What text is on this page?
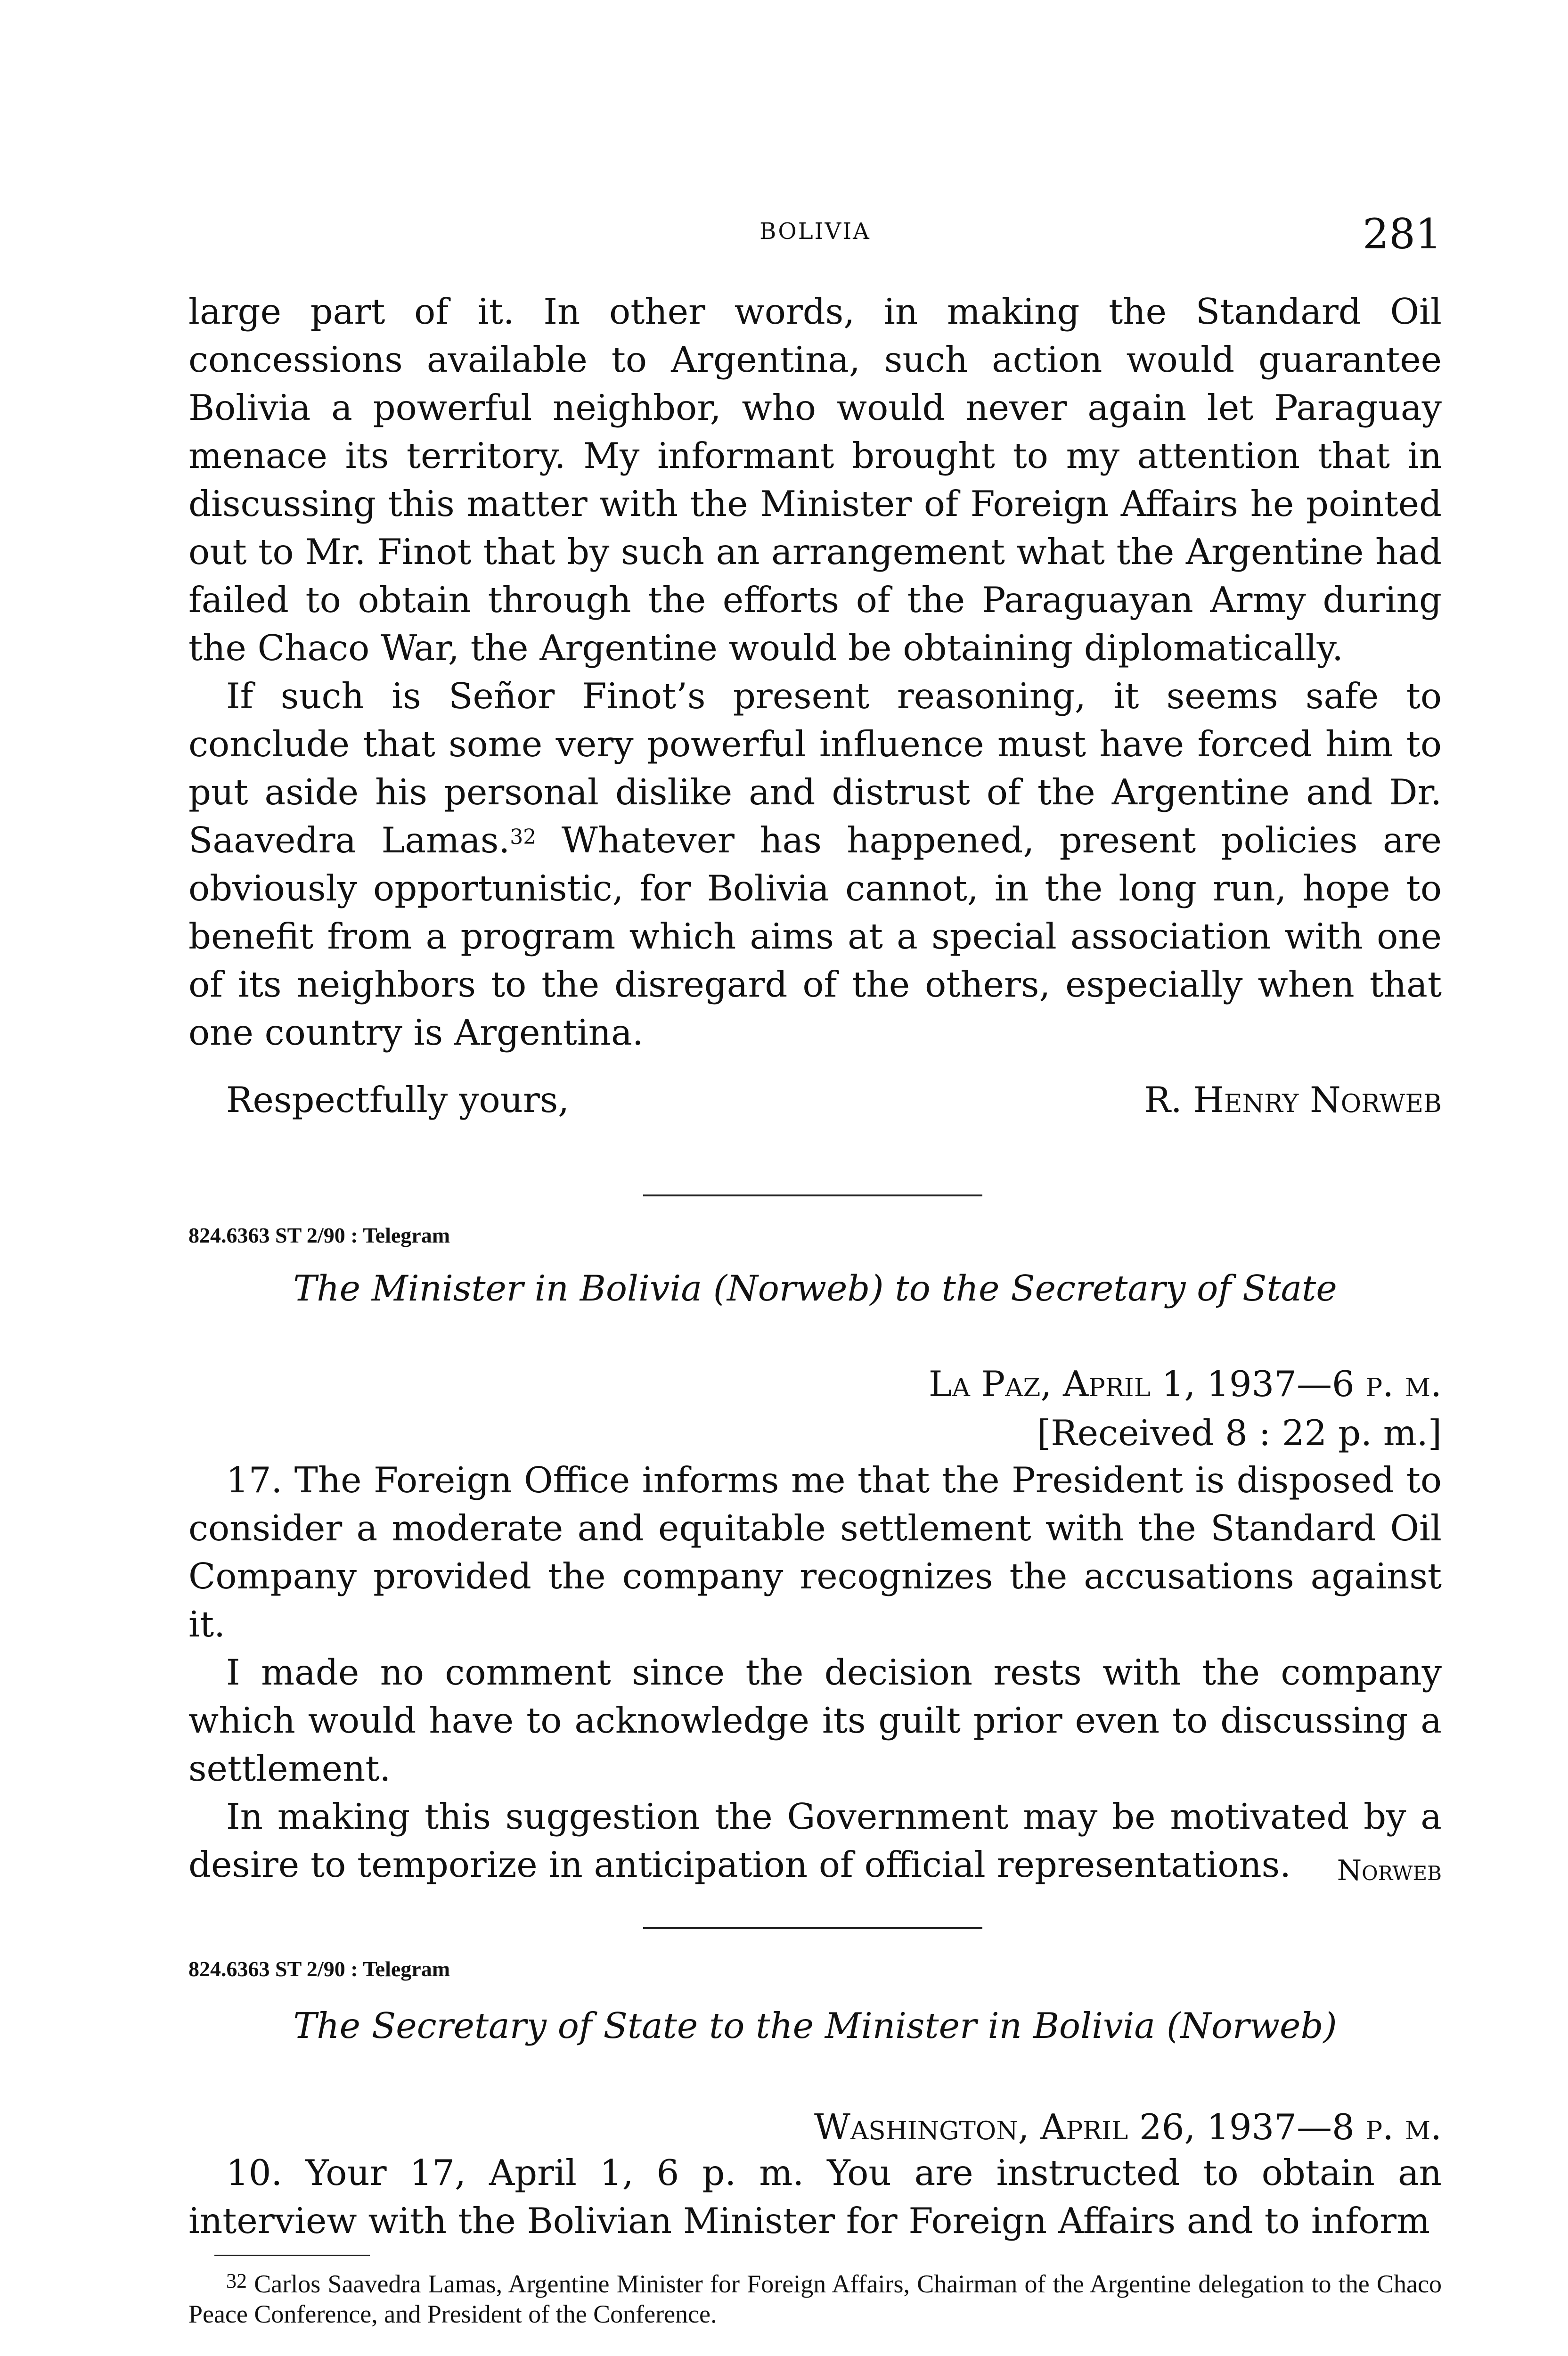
BOLIVIA	281

large part of it. In other words, in making the Standard Oil concessions available to Argentina, such action would guarantee Bolivia a powerful neighbor, who would never again let Paraguay menace its territory. My informant brought to my attention that in discussing this matter with the Minister of Foreign Affairs he pointed out to Mr. Finot that by such an arrangement what the Argentine had failed to obtain through the efforts of the Paraguayan Army during the Chaco War, the Argentine would be obtaining diplomatically.

If such is Señor Finot’s present reasoning, it seems safe to conclude that some very powerful influence must have forced him to put aside his personal dislike and distrust of the Argentine and Dr. Saavedra Lamas.$^{32}$ Whatever has happened, present policies are obviously opportunistic, for Bolivia cannot, in the long run, hope to benefit from a program which aims at a special association with one of its neighbors to the disregard of the others, especially when that one country is Argentina.

Respectfully yours,	R. Henry Norweb
824.6363 ST 2/90 : Telegram
The Minister in Bolivia (Norweb) to the Secretary of State
La Paz, April 1, 1937—6 p. m.
[Received 8 : 22 p. m.]

17. The Foreign Office informs me that the President is disposed to consider a moderate and equitable settlement with the Standard Oil Company provided the company recognizes the accusations against it.

I made no comment since the decision rests with the company which would have to acknowledge its guilt prior even to discussing a settlement.

In making this suggestion the Government may be motivated by a desire to temporize in anticipation of official representations.	Norweb
824.6363 ST 2/90 : Telegram
The Secretary of State to the Minister in Bolivia (Norweb)
Washington, April 26, 1937—8 p. m.

10. Your 17, April 1, 6 p. m. You are instructed to obtain an interview with the Bolivian Minister for Foreign Affairs and to inform

$^{32}$ Carlos Saavedra Lamas, Argentine Minister for Foreign Affairs, Chairman of the Argentine delegation to the Chaco Peace Conference, and President of the Conference.
